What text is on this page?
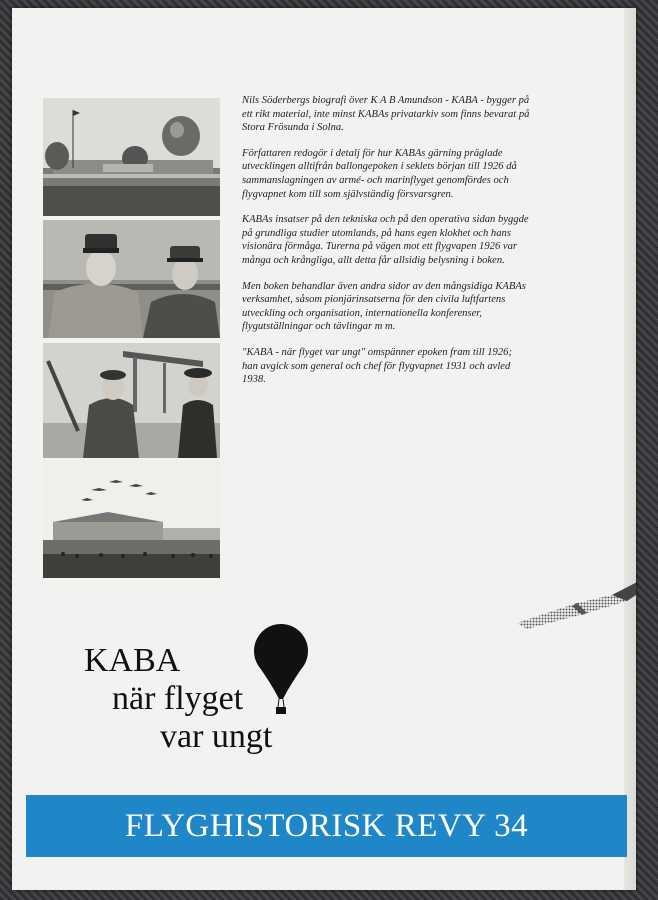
Nils Söderbergs biografi över K A B Amundson - KABA - bygger på ett rikt material, inte minst KABAs privatarkiv som finns bevarat på Stora Frösunda i Solna.

Författaren redogör i detalj för hur KABAs gärning präglade utvecklingen alltifrån ballongepoken i seklets början till 1926 då sammanslagningen av armé- och marinflyget genomfördes och flygvapnet kom till som självständig försvarsgren.

KABAs insatser på den tekniska och på den operativa sidan byggde på grundliga studier utomlands, på hans egen klokhet och hans visionära förmåga. Turerna på vägen mot ett flygvapen 1926 var många och krångliga, allt detta får allsidig belysning i boken.

Men boken behandlar även andra sidor av den mångsidiga KABAs verksamhet, såsom pionjärinsatserna för den civila luftfartens utveckling och organisation, internationella konferenser, flygutställningar och tävlingar m m.

"KABA - när flyget var ungt" omspänner epoken fram till 1926; han avgick som general och chef för flygvapnet 1931 och avled 1938.

KABA
när flyget
var ungt
FLYGHISTORISK REVY 34
